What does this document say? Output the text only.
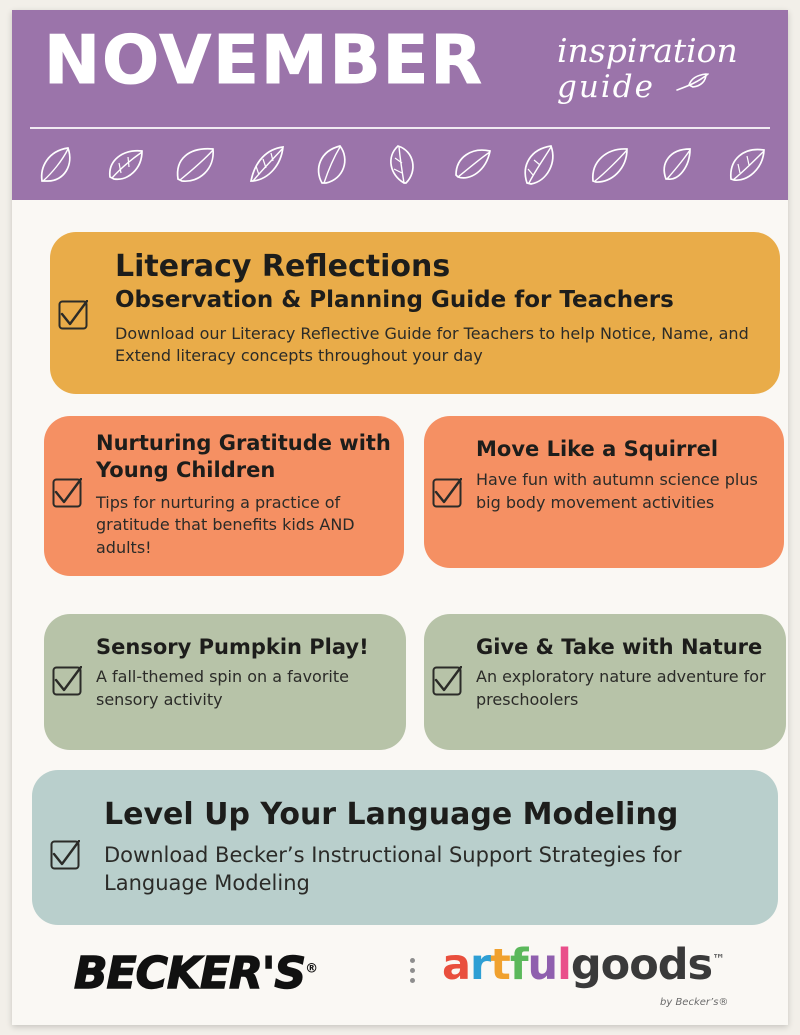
NOVEMBER inspiration
guide
Literacy Reflections
Observation & Planning Guide for Teachers

Download our Literacy Reflective Guide for Teachers to help Notice, Name, and Extend literacy concepts throughout your day

Nurturing Gratitude with Young Children

Tips for nurturing a practice of gratitude that benefits kids AND adults!

Move Like a Squirrel

Have fun with autumn science plus big body movement activities

Sensory Pumpkin Play!

A fall-themed spin on a favorite sensory activity

Give & Take with Nature

An exploratory nature adventure for preschoolers

Level Up Your Language Modeling

Download Becker’s Instructional Support Strategies for Language Modeling

BECKER'S®	artfulgoods™
by Becker’s®
